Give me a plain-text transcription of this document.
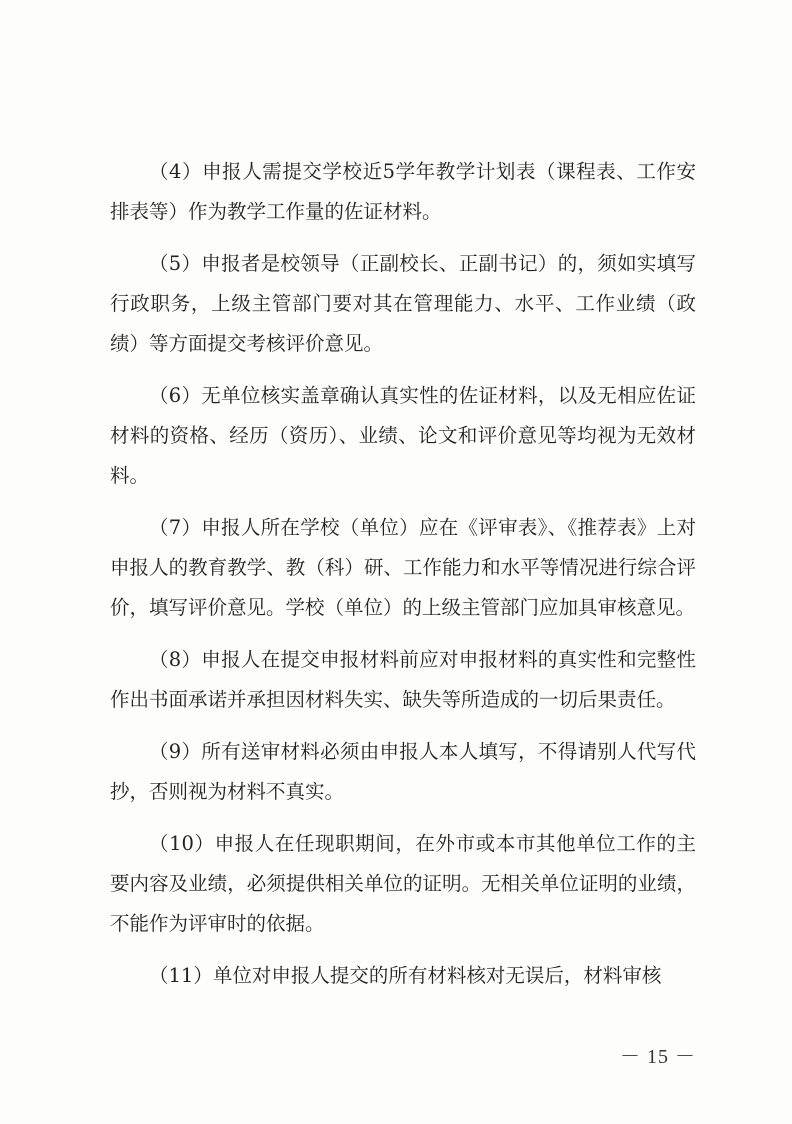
（4）申报人需提交学校近5学年教学计划表（课程表、工作安排表等）作为教学工作量的佐证材料。

（5）申报者是校领导（正副校长、正副书记）的，须如实填写行政职务，上级主管部门要对其在管理能力、水平、工作业绩（政绩）等方面提交考核评价意见。

（6）无单位核实盖章确认真实性的佐证材料，以及无相应佐证材料的资格、经历（资历）、业绩、论文和评价意见等均视为无效材料。

（7）申报人所在学校（单位）应在《评审表》、《推荐表》上对申报人的教育教学、教（科）研、工作能力和水平等情况进行综合评价，填写评价意见。学校（单位）的上级主管部门应加具审核意见。

（8）申报人在提交申报材料前应对申报材料的真实性和完整性作出书面承诺并承担因材料失实、缺失等所造成的一切后果责任。

（9）所有送审材料必须由申报人本人填写，不得请别人代写代抄，否则视为材料不真实。

（10）申报人在任现职期间，在外市或本市其他单位工作的主要内容及业绩，必须提供相关单位的证明。无相关单位证明的业绩，不能作为评审时的依据。

（11）单位对申报人提交的所有材料核对无误后，材料审核

－ 15 －
